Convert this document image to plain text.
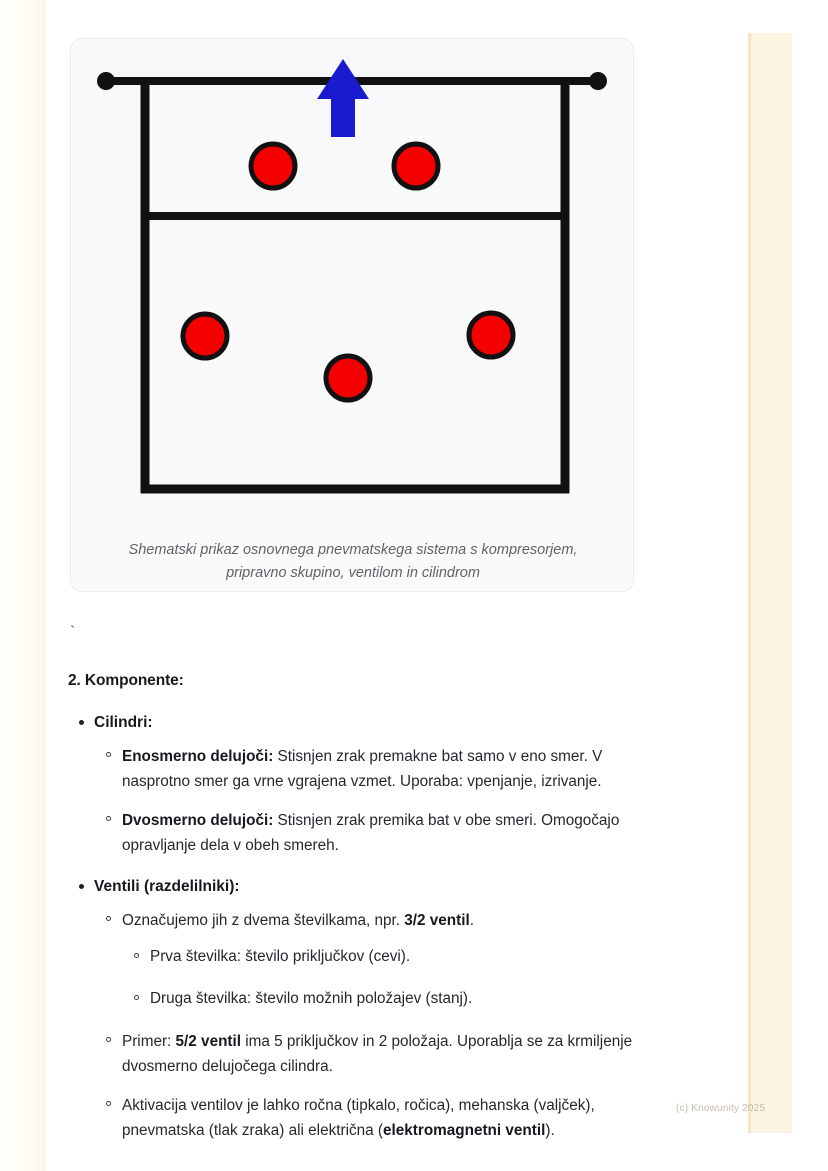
Shematski prikaz osnovnega pnevmatskega sistema s kompresorjem,
pripravno skupino, ventilom in cilindrom
`
2. Komponente:
Cilindri:
Enosmerno delujoči: Stisnjen zrak premakne bat samo v eno smer. V nasprotno smer ga vrne vgrajena vzmet. Uporaba: vpenjanje, izrivanje.
Dvosmerno delujoči: Stisnjen zrak premika bat v obe smeri. Omogočajo opravljanje dela v obeh smereh.
Ventili (razdelilniki):
Označujemo jih z dvema številkama, npr. 3/2 ventil.
Prva številka: število priključkov (cevi).
Druga številka: število možnih položajev (stanj).
Primer: 5/2 ventil ima 5 priključkov in 2 položaja. Uporablja se za krmiljenje dvosmerno delujočega cilindra.
Aktivacija ventilov je lahko ročna (tipkalo, ročica), mehanska (valjček), pnevmatska (tlak zraka) ali električna (elektromagnetni ventil).
(c) Knowunity 2025
